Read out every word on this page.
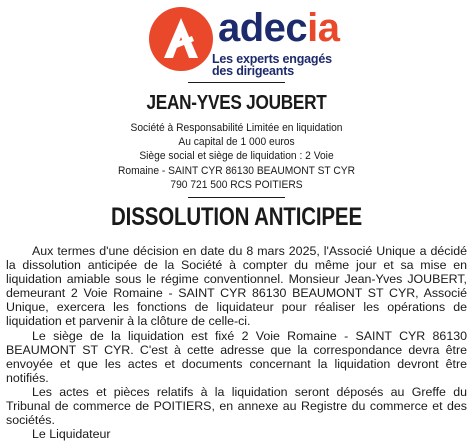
adecia
Les experts engagés
des dirigeants
JEAN-YVES JOUBERT
Société à Responsabilité Limitée en liquidation
Au capital de 1 000 euros
Siège social et siège de liquidation : 2 Voie
Romaine - SAINT CYR 86130 BEAUMONT ST CYR
790 721 500 RCS POITIERS
DISSOLUTION ANTICIPEE

Aux termes d'une décision en date du 8 mars 2025, l'Associé Unique a décidé la dissolution anticipée de la Société à compter du même jour et sa mise en liquidation amiable sous le régime conventionnel. Monsieur Jean-Yves JOUBERT, demeurant 2 Voie Romaine - SAINT CYR 86130 BEAUMONT ST CYR, Associé Unique, exercera les fonctions de liquidateur pour réaliser les opérations de liquidation et parvenir à la clôture de celle-ci.

Le siège de la liquidation est fixé 2 Voie Romaine - SAINT CYR 86130 BEAUMONT ST CYR. C'est à cette adresse que la correspondance devra être envoyée et que les actes et documents concernant la liquidation devront être notifiés.

Les actes et pièces relatifs à la liquidation seront déposés au Greffe du Tribunal de commerce de POITIERS, en annexe au Registre du commerce et des sociétés.

Le Liquidateur
